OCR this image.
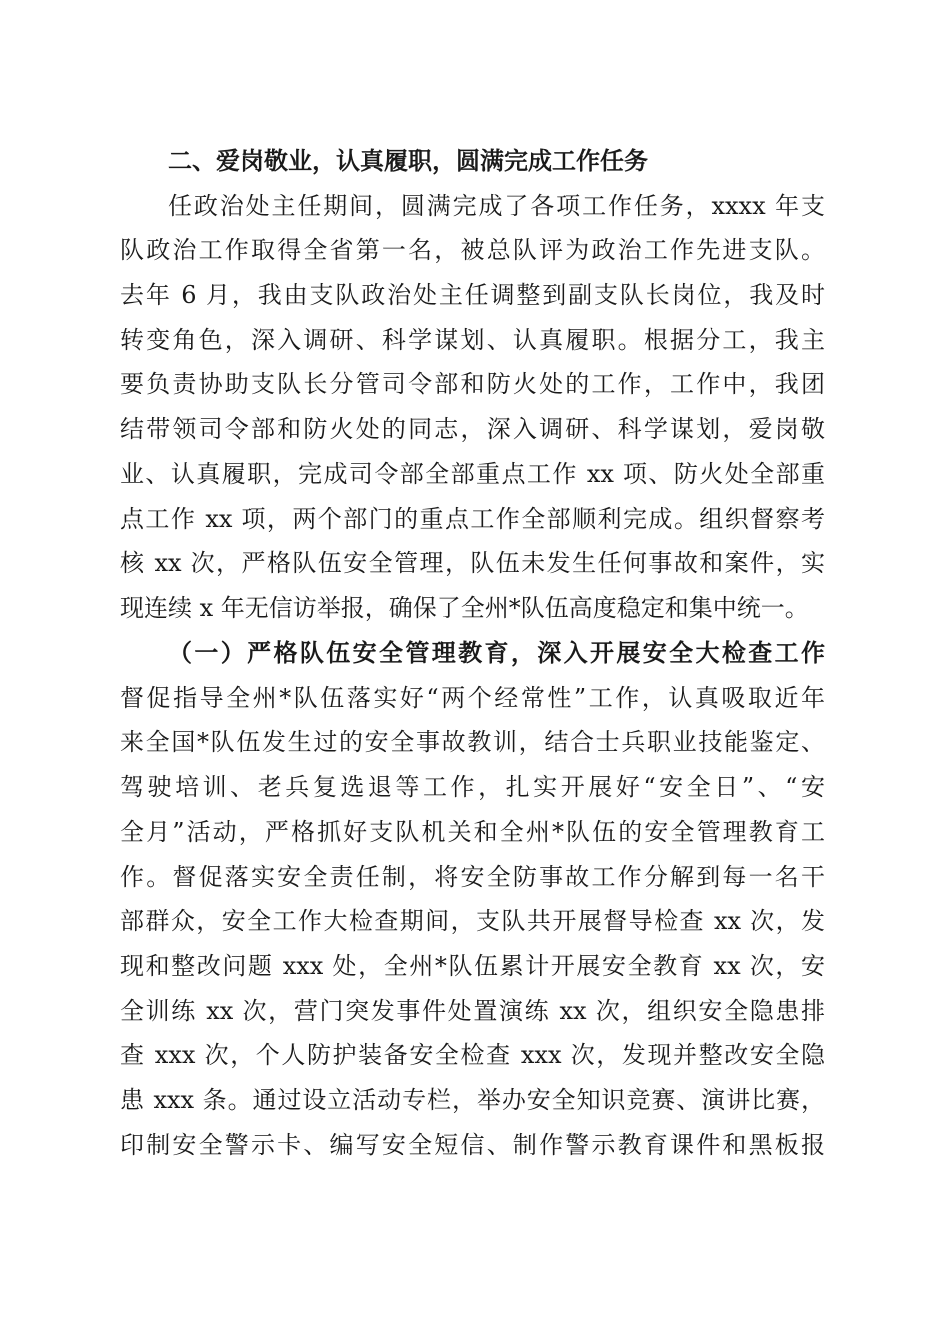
二、爱岗敬业，认真履职，圆满完成工作任务
任政治处主任期间，圆满完成了各项工作任务，xxxx 年支
队政治工作取得全省第一名，被总队评为政治工作先进支队。
去年 6 月，我由支队政治处主任调整到副支队长岗位，我及时
转变角色，深入调研、科学谋划、认真履职。根据分工，我主
要负责协助支队长分管司令部和防火处的工作，工作中，我团
结带领司令部和防火处的同志，深入调研、科学谋划，爱岗敬
业、认真履职，完成司令部全部重点工作 xx 项、防火处全部重
点工作 xx 项，两个部门的重点工作全部顺利完成。组织督察考
核 xx 次，严格队伍安全管理，队伍未发生任何事故和案件，实
现连续 x 年无信访举报，确保了全州*队伍高度稳定和集中统一。
（一）严格队伍安全管理教育，深入开展安全大检查工作
督促指导全州*队伍落实好“两个经常性”工作，认真吸取近年
来全国*队伍发生过的安全事故教训，结合士兵职业技能鉴定、
驾驶培训、老兵复选退等工作，扎实开展好“安全日”、“安
全月”活动，严格抓好支队机关和全州*队伍的安全管理教育工
作。督促落实安全责任制，将安全防事故工作分解到每一名干
部群众，安全工作大检查期间，支队共开展督导检查 xx 次，发
现和整改问题 xxx 处，全州*队伍累计开展安全教育 xx 次，安
全训练 xx 次，营门突发事件处置演练 xx 次，组织安全隐患排
查 xxx 次，个人防护装备安全检查 xxx 次，发现并整改安全隐
患 xxx 条。通过设立活动专栏，举办安全知识竞赛、演讲比赛，
印制安全警示卡、编写安全短信、制作警示教育课件和黑板报
